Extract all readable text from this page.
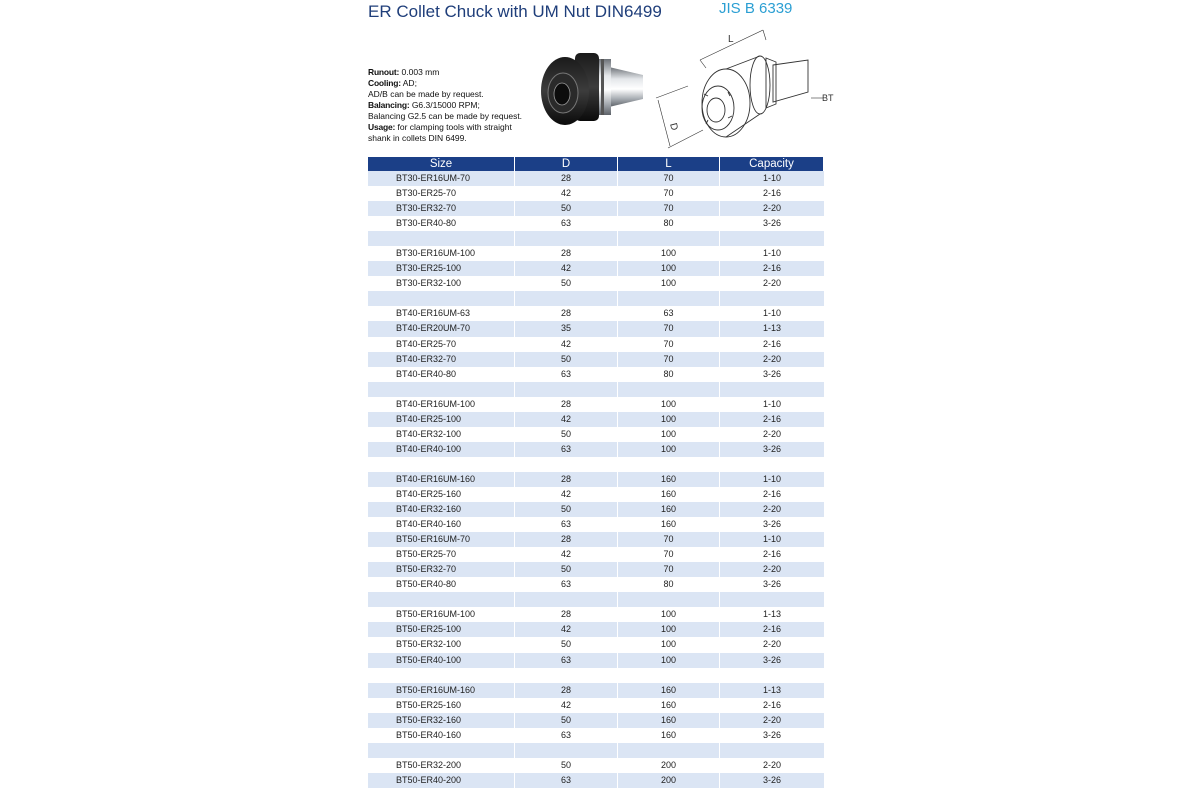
ER Collet Chuck with UM Nut DIN6499	JIS B 6339
Runout: 0.003 mm
Cooling: AD;
AD/B can be made by request.
Balancing: G6.3/15000 RPM;
Balancing G2.5 can be made by request.
Usage: for clamping tools with straight
shank in collets DIN 6499.
L
D
BT
Size	D	L	Capacity
BT30-ER16UM-70	28	70	1-10
BT30-ER25-70	42	70	2-16
BT30-ER32-70	50	70	2-20
BT30-ER40-80	63	80	3-26
BT30-ER16UM-100	28	100	1-10
BT30-ER25-100	42	100	2-16
BT30-ER32-100	50	100	2-20
BT40-ER16UM-63	28	63	1-10
BT40-ER20UM-70	35	70	1-13
BT40-ER25-70	42	70	2-16
BT40-ER32-70	50	70	2-20
BT40-ER40-80	63	80	3-26
BT40-ER16UM-100	28	100	1-10
BT40-ER25-100	42	100	2-16
BT40-ER32-100	50	100	2-20
BT40-ER40-100	63	100	3-26
BT40-ER16UM-160	28	160	1-10
BT40-ER25-160	42	160	2-16
BT40-ER32-160	50	160	2-20
BT40-ER40-160	63	160	3-26
BT50-ER16UM-70	28	70	1-10
BT50-ER25-70	42	70	2-16
BT50-ER32-70	50	70	2-20
BT50-ER40-80	63	80	3-26
BT50-ER16UM-100	28	100	1-13
BT50-ER25-100	42	100	2-16
BT50-ER32-100	50	100	2-20
BT50-ER40-100	63	100	3-26
BT50-ER16UM-160	28	160	1-13
BT50-ER25-160	42	160	2-16
BT50-ER32-160	50	160	2-20
BT50-ER40-160	63	160	3-26
BT50-ER32-200	50	200	2-20
BT50-ER40-200	63	200	3-26
